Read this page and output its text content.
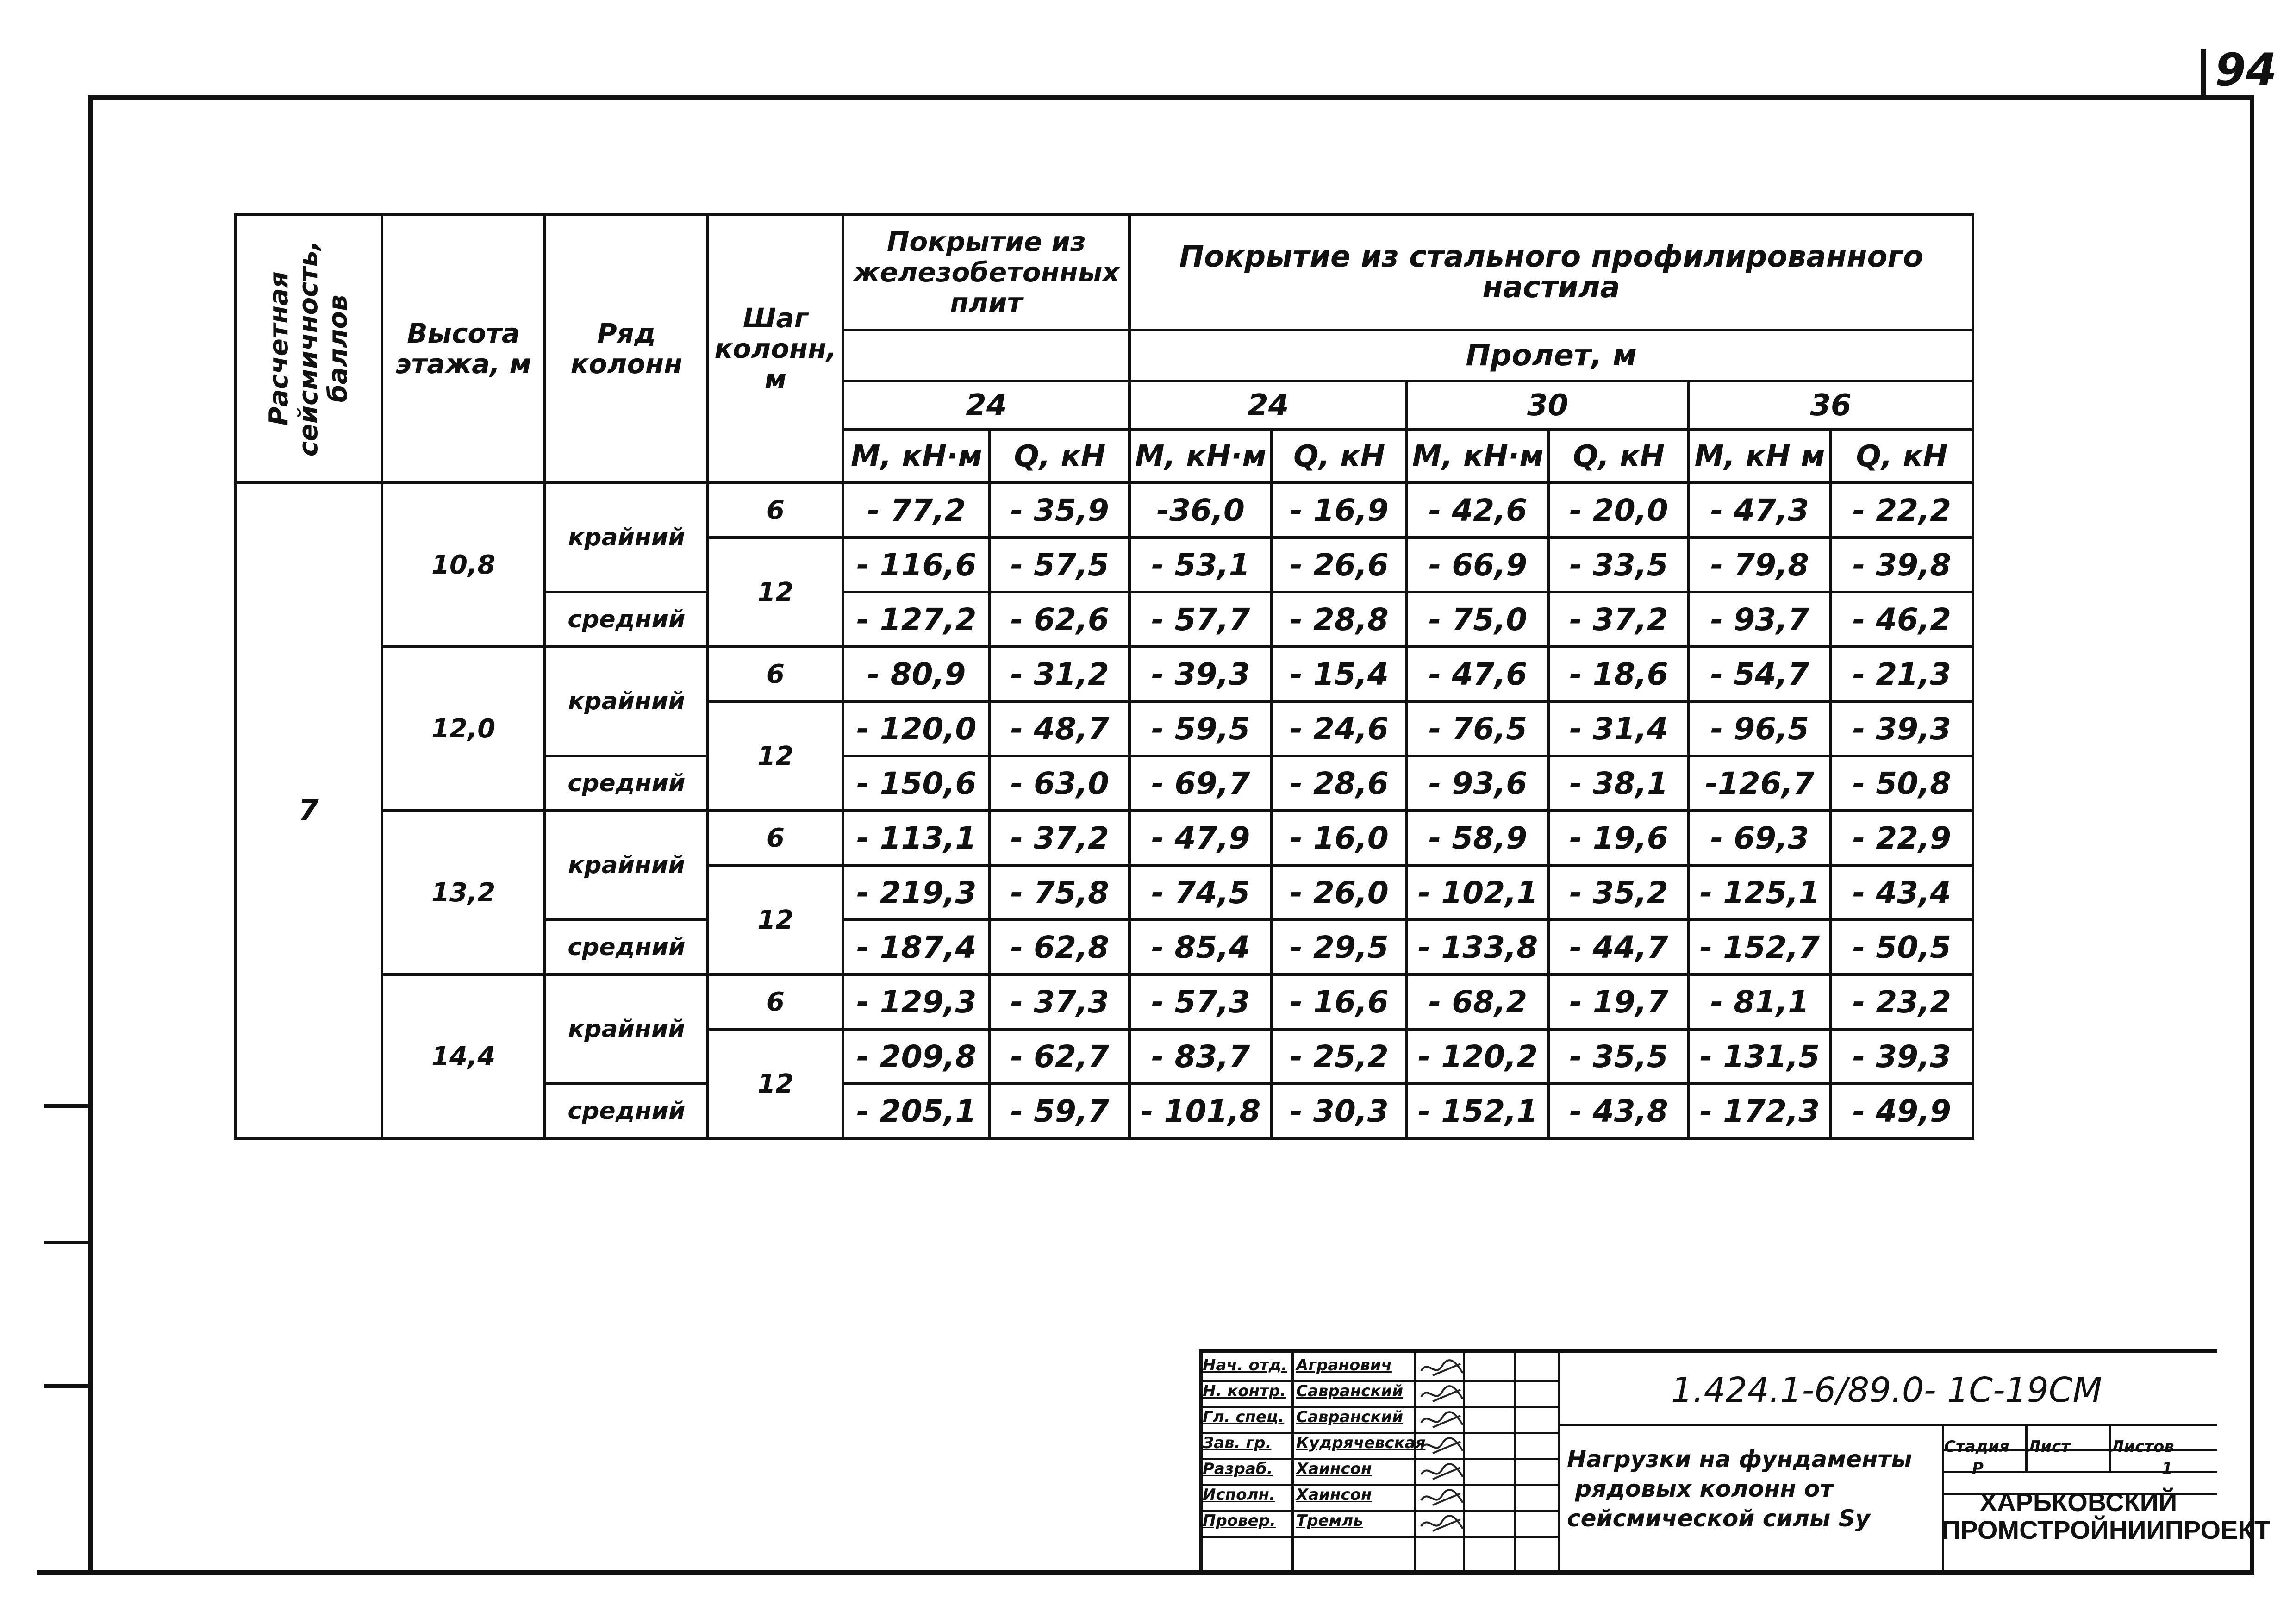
94
Расчетная сейсмичность, баллов	Высота этажа, м	Ряд колонн	Шаг колонн, м	Покрытие из железобетонных плит		Покрытие из стального профилированного настила					
						Пролет, м					
				24		24		30		36	
				М, кН·м	Q, кН	М, кН·м	Q, кН	М, кН·м	Q, кН	М, кН м	Q, кН
7	10,8	крайний	6	- 77,2	- 35,9	-36,0	- 16,9	- 42,6	- 20,0	- 47,3	- 22,2
			12	- 116,6	- 57,5	- 53,1	- 26,6	- 66,9	- 33,5	- 79,8	- 39,8
		средний		- 127,2	- 62,6	- 57,7	- 28,8	- 75,0	- 37,2	- 93,7	- 46,2
	12,0	крайний	6	- 80,9	- 31,2	- 39,3	- 15,4	- 47,6	- 18,6	- 54,7	- 21,3
			12	- 120,0	- 48,7	- 59,5	- 24,6	- 76,5	- 31,4	- 96,5	- 39,3
		средний		- 150,6	- 63,0	- 69,7	- 28,6	- 93,6	- 38,1	-126,7	- 50,8
	13,2	крайний	6	- 113,1	- 37,2	- 47,9	- 16,0	- 58,9	- 19,6	- 69,3	- 22,9
			12	- 219,3	- 75,8	- 74,5	- 26,0	- 102,1	- 35,2	- 125,1	- 43,4
		средний		- 187,4	- 62,8	- 85,4	- 29,5	- 133,8	- 44,7	- 152,7	- 50,5
	14,4	крайний	6	- 129,3	- 37,3	- 57,3	- 16,6	- 68,2	- 19,7	- 81,1	- 23,2
			12	- 209,8	- 62,7	- 83,7	- 25,2	- 120,2	- 35,5	- 131,5	- 39,3
		средний		- 205,1	- 59,7	- 101,8	- 30,3	- 152,1	- 43,8	- 172,3	- 49,9
Нач. отд. Агранович
Н. контр. Савранский
Гл. спец. Савранский
Зав. гр. Кудрячевская
Разраб. Хаинсон
Исполн. Хаинсон
Провер. Тремль
1.424.1-6/89.0- 1С-19СМ
Нагрузки на фундаменты
рядовых колонн от
сейсмической силы Sy
Стадия Лист	Листов
Р	1
ХАРЬКОВСКИЙ
ПРОМСТРОЙНИИПРОЕКТ
